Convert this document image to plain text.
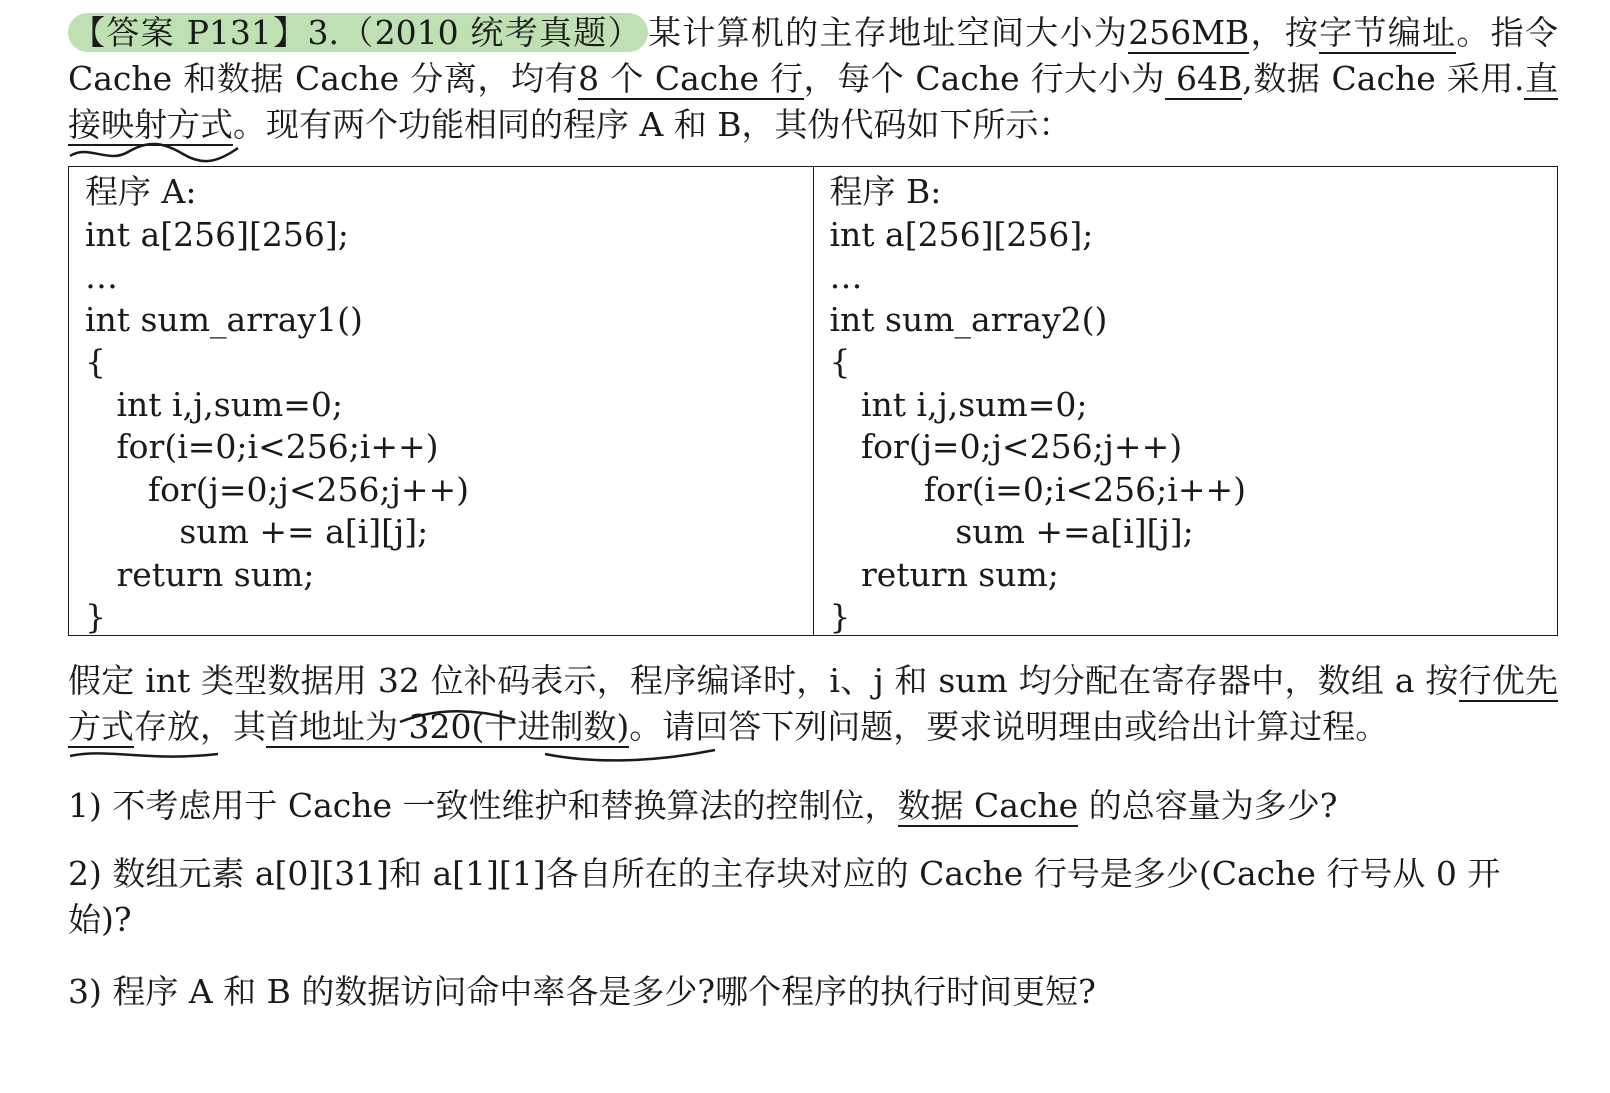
【答案 P131】3.（2010 统考真题） 某计算机的主存地址空间大小为256MB，按字节编址。指令 Cache 和数据 Cache 分离，均有8 个 Cache 行，每个 Cache 行大小为 64B,数据 Cache 采用.直接映射方式。现有两个功能相同的程序 A 和 B，其伪代码如下所示：

程序 A:

int a[256][256];

…

int sum_array1()

{

int i,j,sum=0;

for(i=0;i<256;i++)

for(j=0;j<256;j++)

sum += a[i][j];

return sum;

}

程序 B:

int a[256][256];

…

int sum_array2()

{

int i,j,sum=0;

for(j=0;j<256;j++)

for(i=0;i<256;i++)

sum +=a[i][j];

return sum;

}

假定 int 类型数据用 32 位补码表示，程序编译时，i、j 和 sum 均分配在寄存器中，数组 a 按行优先方式存放，其首地址为 320(十进制数)。请回答下列问题，要求说明理由或给出计算过程。

1) 不考虑用于 Cache 一致性维护和替换算法的控制位，数据 Cache 的总容量为多少?

2) 数组元素 a[0][31]和 a[1][1]各自所在的主存块对应的 Cache 行号是多少(Cache 行号从 0 开始)?

3) 程序 A 和 B 的数据访问命中率各是多少?哪个程序的执行时间更短?
